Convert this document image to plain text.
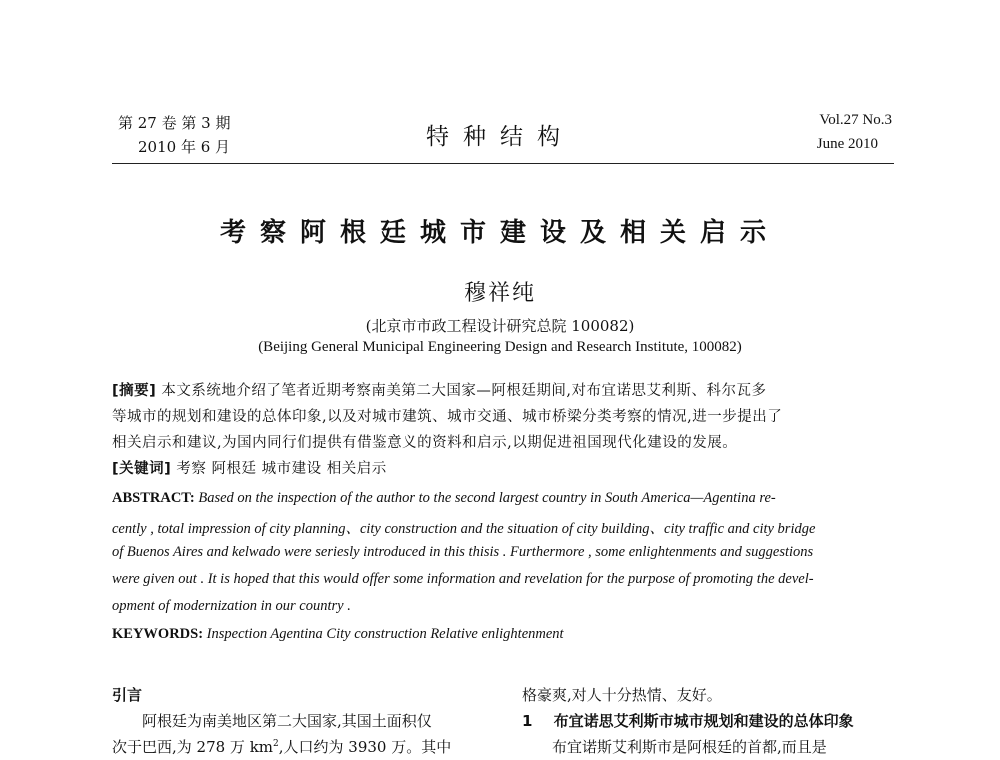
第 27 卷 第 3 期
2010 年 6 月	特种结构
Vol.27 No.3
June 2010
考察阿根廷城市建设及相关启示
穆祥纯
(北京市市政工程设计研究总院 100082)
(Beijing General Municipal Engineering Design and Research Institute, 100082)
[摘要] 本文系统地介绍了笔者近期考察南美第二大国家—阿根廷期间,对布宜诺思艾利斯、科尔瓦多
等城市的规划和建设的总体印象,以及对城市建筑、城市交通、城市桥梁分类考察的情况,进一步提出了
相关启示和建议,为国内同行们提供有借鉴意义的资料和启示,以期促进祖国现代化建设的发展。
[关键词] 考察 阿根廷 城市建设 相关启示
ABSTRACT: Based on the inspection of the author to the second largest country in South America—Agentina re-
cently , total impression of city planning、city construction and the situation of city building、city traffic and city bridge
of Buenos Aires and kelwado were seriesly introduced in this thisis . Furthermore , some enlightenments and suggestions
were given out . It is hoped that this would offer some information and revelation for the purpose of promoting the devel-
opment of modernization in our country .
KEYWORDS: Inspection Agentina City construction Relative enlightenment
引言
阿根廷为南美地区第二大国家,其国土面积仅
次于巴西,为 278 万 $km^2$,人口约为 3930 万。其中
格豪爽,对人十分热情、友好。
1 布宜诺思艾利斯市城市规划和建设的总体印象
布宜诺斯艾利斯市是阿根廷的首都,而且是
